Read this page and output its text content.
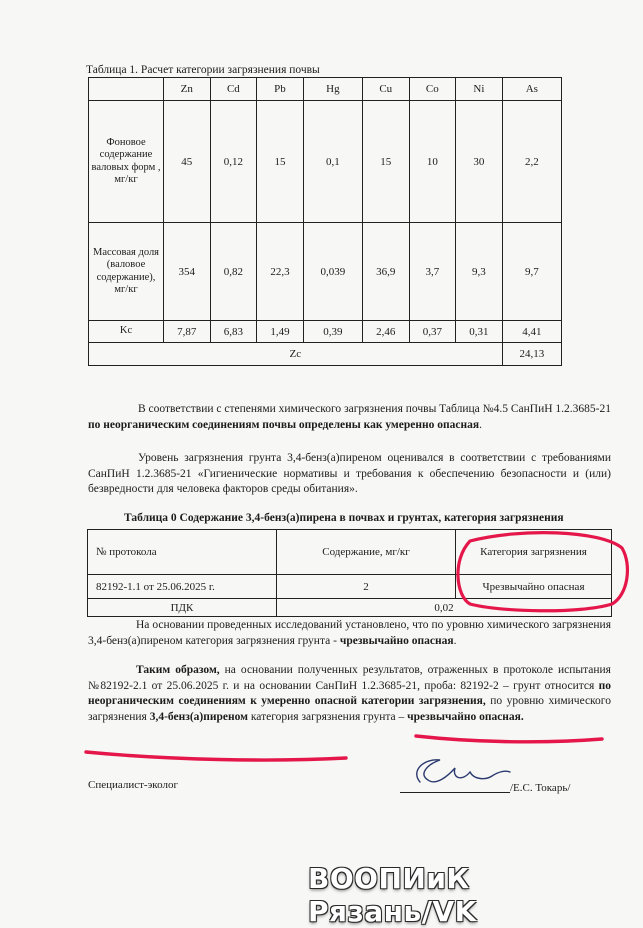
Таблица 1. Расчет категории загрязнения почвы
	Zn	Cd	Pb	Hg	Cu	Co	Ni	As
Фоновое содержание валовых форм , мг/кг	45	0,12	15	0,1	15	10	30	2,2
Массовая доля (валовое содержание), мг/кг	354	0,82	22,3	0,039	36,9	3,7	9,3	9,7
Kc	7,87	6,83	1,49	0,39	2,46	0,37	0,31	4,41
Zc								24,13
В соответствии с степенями химического загрязнения почвы Таблица №4.5 СанПиН 1.2.3685-21 по неорганическим соединениям почвы определены как умеренно опасная.
Уровень загрязнения грунта 3,4-бенз(а)пиреном оценивался в соответствии с требованиями СанПиН 1.2.3685-21 «Гигиенические нормативы и требования к обеспечению безопасности и (или) безвредности для человека факторов среды обитания».
Таблица 0 Содержание 3,4-бенз(а)пирена в почвах и грунтах, категория загрязнения
№ протокола	Содержание, мг/кг	Категория загрязнения
82192-1.1 от 25.06.2025 г.	2	Чрезвычайно опасная
ПДК	0,02	
На основании проведенных исследований установлено, что по уровню химического загрязнения 3,4-бенз(а)пиреном категория загрязнения грунта - чрезвычайно опасная.
Таким образом, на основании полученных результатов, отраженных в протоколе испытания №82192-2.1 от 25.06.2025 г. и на основании СанПиН 1.2.3685-21, проба: 82192-2 – грунт относится по неорганическим соединениям к умеренно опасной категории загрязнения, по уровню химического загрязнения 3,4-бенз(а)пиреном категория загрязнения грунта – чрезвычайно опасная.
Специалист-эколог	/Е.С. Токарь/
ВООПИиК Рязань/VK
